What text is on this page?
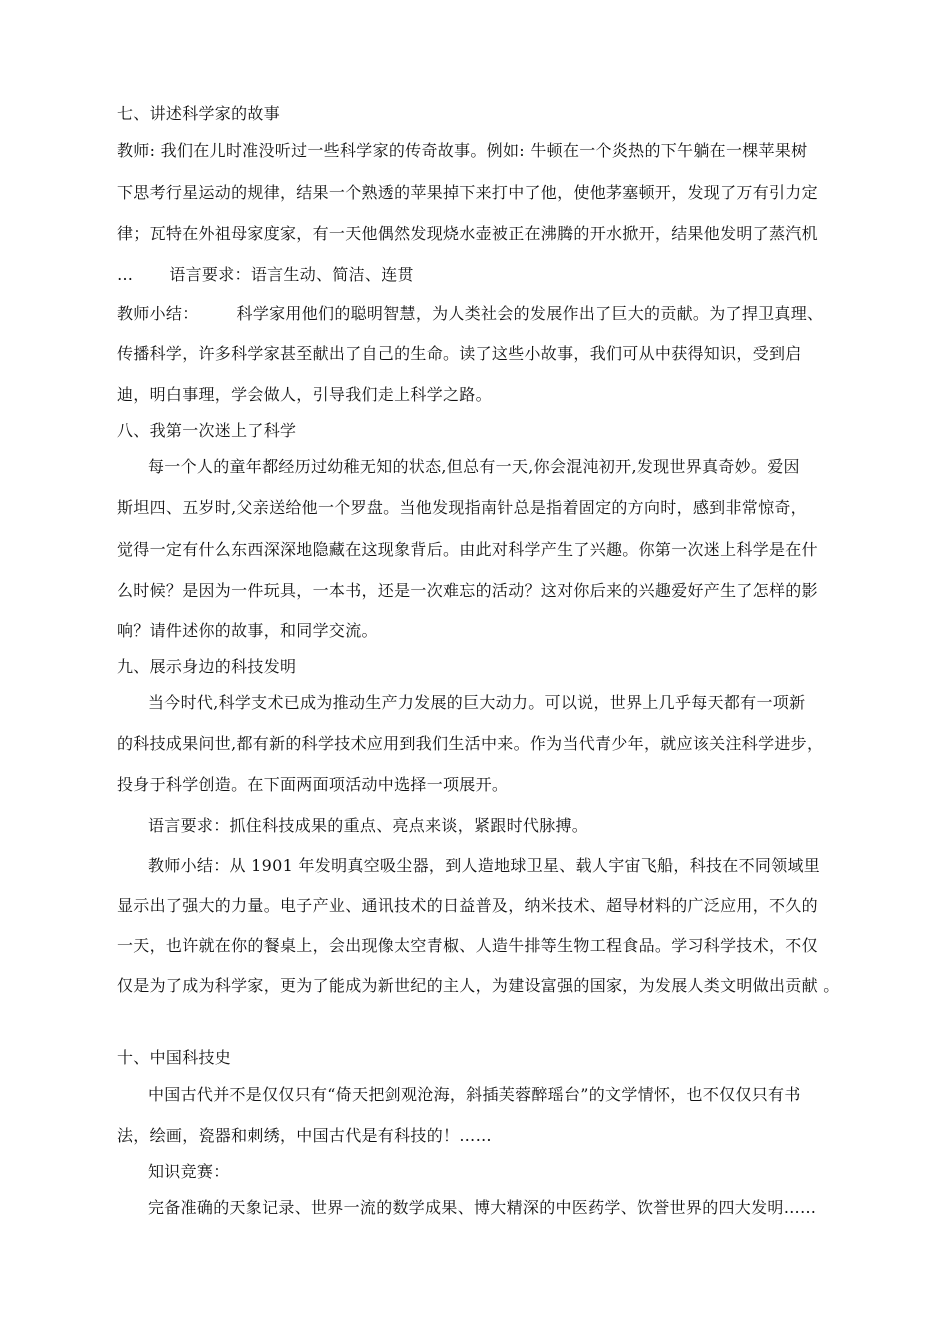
七、讲述科学家的故事
教师: 我们在儿时准没听过一些科学家的传奇故事。例如: 牛顿在一个炎热的下午躺在一棵苹果树
下思考行星运动的规律，结果一个熟透的苹果掉下来打中了他，使他茅塞顿开，发现了万有引力定
律；瓦特在外祖母家度家，有一天他偶然发现烧水壶被正在沸腾的开水掀开，结果他发明了蒸汽机
… 语言要求：语言生动、简洁、连贯
教师小结： 科学家用他们的聪明智慧，为人类社会的发展作出了巨大的贡献。为了捍卫真理、
传播科学，许多科学家甚至献出了自己的生命。读了这些小故事，我们可从中获得知识，受到启
迪，明白事理，学会做人，引导我们走上科学之路。
八、我第一次迷上了科学
每一个人的童年都经历过幼稚无知的状态,但总有一天,你会混沌初开,发现世界真奇妙。爱因
斯坦四、五岁时,父亲送给他一个罗盘。当他发现指南针总是指着固定的方向时，感到非常惊奇，
觉得一定有什么东西深深地隐藏在这现象背后。由此对科学产生了兴趣。你第一次迷上科学是在什
么时候？是因为一件玩具，一本书，还是一次难忘的活动？这对你后来的兴趣爱好产生了怎样的影
响？请件述你的故事，和同学交流。
九、展示身边的科技发明
当今时代,科学支术已成为推动生产力发展的巨大动力。可以说，世界上几乎每天都有一项新
的科技成果问世,都有新的科学技术应用到我们生活中来。作为当代青少年，就应该关注科学进步，
投身于科学创造。在下面两面项活动中选择一项展开。
语言要求：抓住科技成果的重点、亮点来谈，紧跟时代脉搏。
教师小结：从 1901 年发明真空吸尘器，到人造地球卫星、载人宇宙飞船，科技在不同领域里
显示出了强大的力量。电子产业、通讯技术的日益普及，纳米技术、超导材料的广泛应用，不久的
一天，也许就在你的餐桌上，会出现像太空青椒、人造牛排等生物工程食品。学习科学技术，不仅
仅是为了成为科学家，更为了能成为新世纪的主人，为建设富强的国家，为发展人类文明做出贡献 。
十、中国科技史
中国古代并不是仅仅只有“倚天把剑观沧海，斜插芙蓉醉瑶台”的文学情怀，也不仅仅只有书
法，绘画，瓷器和刺绣，中国古代是有科技的！……
知识竞赛：
完备准确的天象记录、世界一流的数学成果、博大精深的中医药学、饮誉世界的四大发明……
